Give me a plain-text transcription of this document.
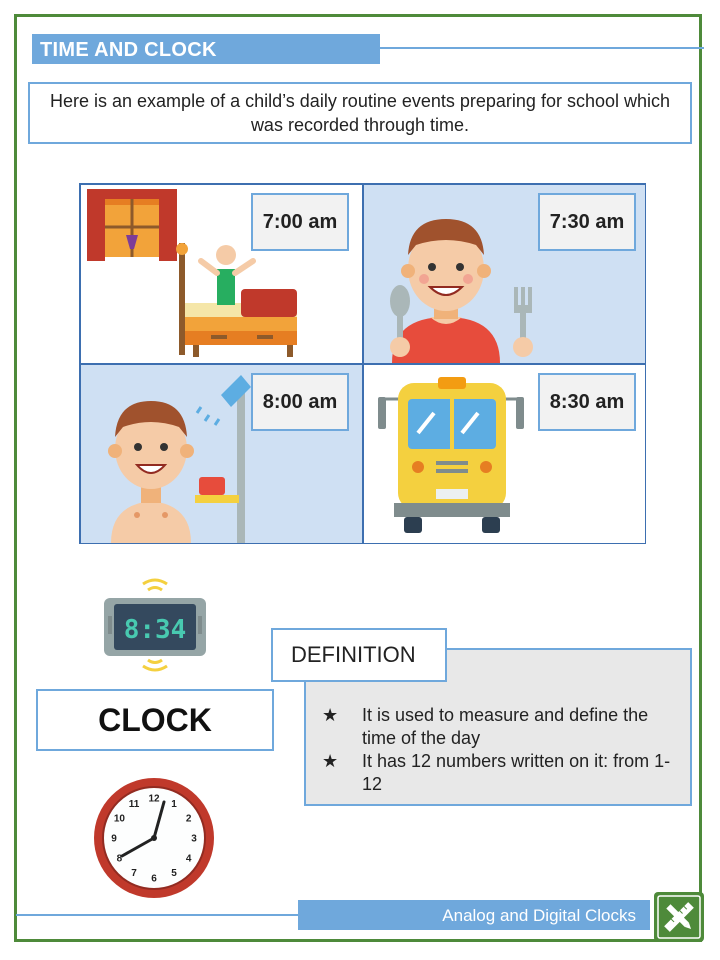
TIME AND CLOCK
Here is an example of a child’s daily routine events preparing for school which was recorded through time.
7:00 am	7:30 am
8:00 am	8:30 am
8:34
CLOCK
12 1
2
3
4
5
6
7
8
9
10
11
DEFINITION
★ It is used to measure and define the time of the day
★ It has 12 numbers written on it: from 1-12
Analog and Digital Clocks
